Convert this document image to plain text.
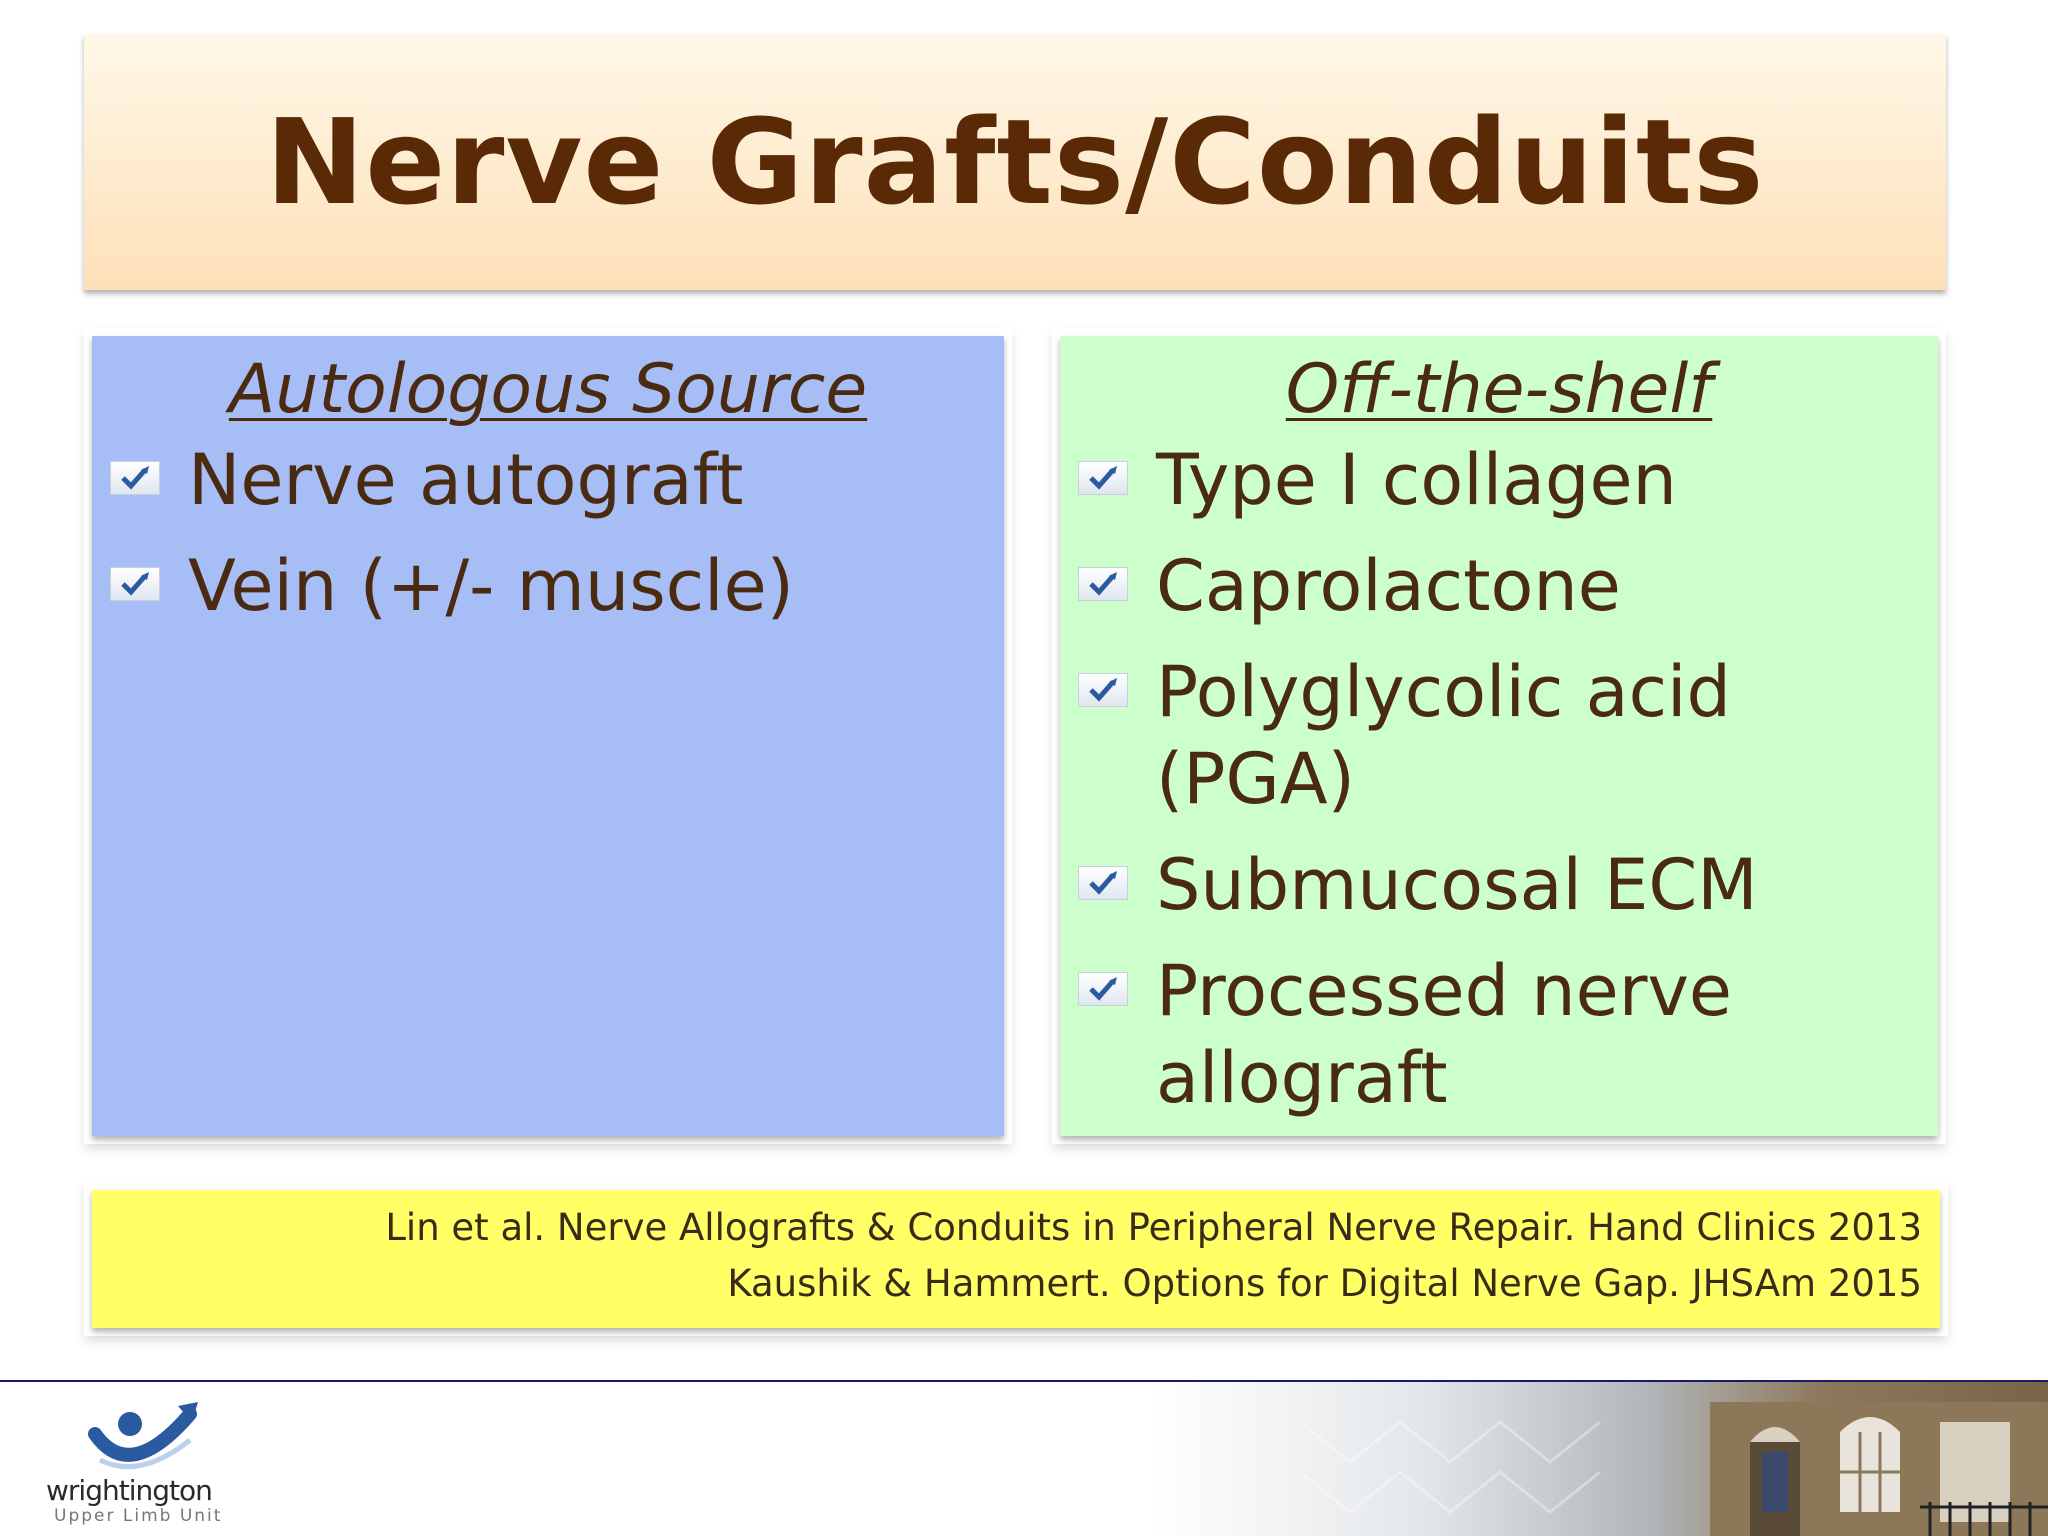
Nerve Grafts/Conduits
Autologous Source
Nerve autograft
Vein (+/- muscle)
Off-the-shelf
Type I collagen
Caprolactone
Polyglycolic acid (PGA)
Submucosal ECM
Processed nerve allograft
Lin et al. Nerve Allografts & Conduits in Peripheral Nerve Repair. Hand Clinics 2013
Kaushik & Hammert. Options for Digital Nerve Gap. JHSAm 2015
wrightington
Upper Limb Unit
